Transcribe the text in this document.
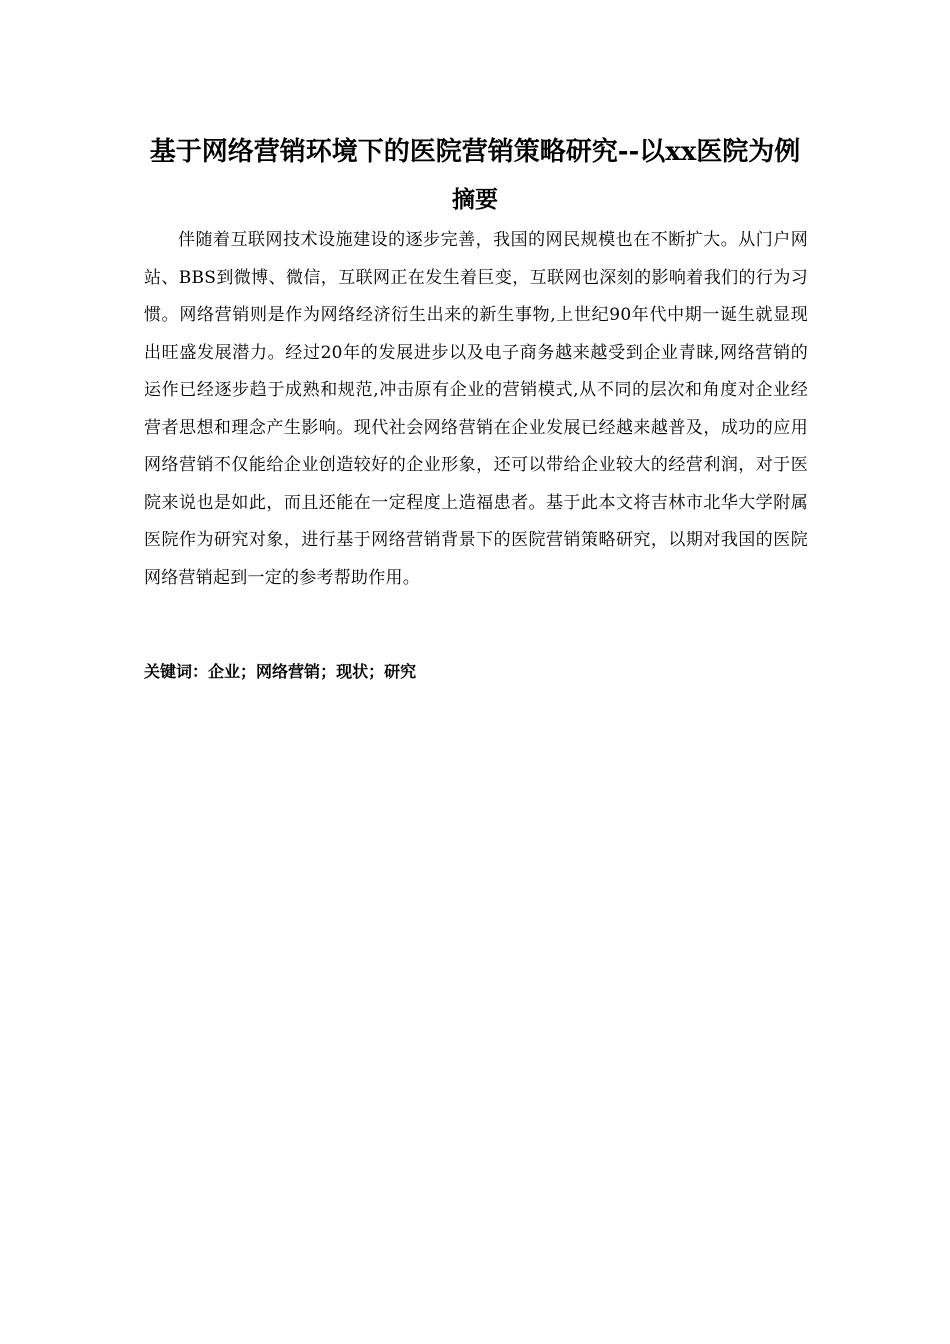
基于网络营销环境下的医院营销策略研究--以xx医院为例
摘要

伴随着互联网技术设施建设的逐步完善，我国的网民规模也在不断扩大。从门户网站、BBS到微博、微信，互联网正在发生着巨变，互联网也深刻的影响着我们的行为习惯。网络营销则是作为网络经济衍生出来的新生事物,上世纪90年代中期一诞生就显现出旺盛发展潜力。经过20年的发展进步以及电子商务越来越受到企业青睐,网络营销的运作已经逐步趋于成熟和规范,冲击原有企业的营销模式,从不同的层次和角度对企业经营者思想和理念产生影响。现代社会网络营销在企业发展已经越来越普及，成功的应用网络营销不仅能给企业创造较好的企业形象，还可以带给企业较大的经营利润，对于医院来说也是如此，而且还能在一定程度上造福患者。基于此本文将吉林市北华大学附属医院作为研究对象，进行基于网络营销背景下的医院营销策略研究，以期对我国的医院网络营销起到一定的参考帮助作用。

关键词：企业；网络营销；现状；研究
